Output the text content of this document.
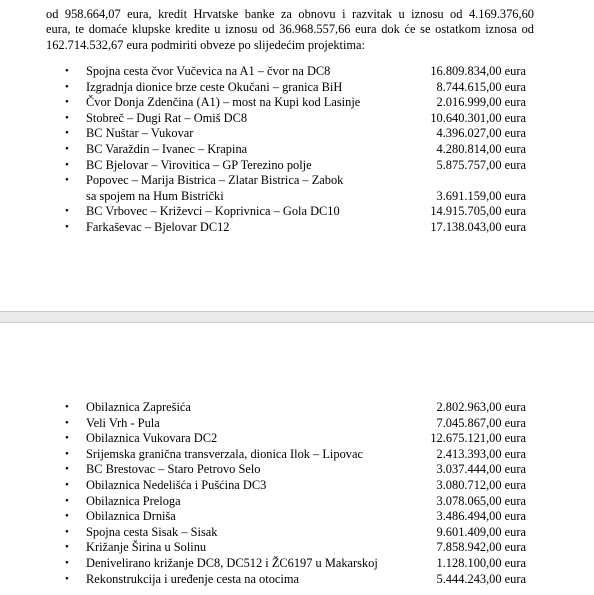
od 958.664,07 eura, kredit Hrvatske banke za obnovu i razvitak u iznosu od 4.169.376,60
eura, te domaće klupske kredite u iznosu od 36.968.557,66 eura dok će se ostatkom iznosa od
162.714.532,67 eura podmiriti obveze po slijedećim projektima:
• Spojna cesta čvor Vučevica na A1 – čvor na DC8	16.809.834,00 eura
• Izgradnja dionice brze ceste Okučani – granica BiH	8.744.615,00 eura
• Čvor Donja Zdenčina (A1) – most na Kupi kod Lasinje	2.016.999,00 eura
• Stobreč – Dugi Rat – Omiš DC8	10.640.301,00 eura
• BC Nuštar – Vukovar	4.396.027,00 eura
• BC Varaždin – Ivanec – Krapina	4.280.814,00 eura
• BC Bjelovar – Virovitica – GP Terezino polje	5.875.757,00 eura
• Popovec – Marija Bistrica – Zlatar Bistrica – Zabok
sa spojem na Hum Bistrički	3.691.159,00 eura
• BC Vrbovec – Križevci – Koprivnica – Gola DC10	14.915.705,00 eura
• Farkaševac – Bjelovar DC12	17.138.043,00 eura
• Obilaznica Zaprešića	2.802.963,00 eura
• Veli Vrh - Pula	7.045.867,00 eura
• Obilaznica Vukovara DC2	12.675.121,00 eura
• Srijemska granična transverzala, dionica Ilok – Lipovac	2.413.393,00 eura
• BC Brestovac – Staro Petrovo Selo	3.037.444,00 eura
• Obilaznica Nedelišća i Pušćina DC3	3.080.712,00 eura
• Obilaznica Preloga	3.078.065,00 eura
• Obilaznica Drniša	3.486.494,00 eura
• Spojna cesta Sisak – Sisak	9.601.409,00 eura
• Križanje Širina u Solinu	7.858.942,00 eura
• Denivelirano križanje DC8, DC512 i ŽC6197 u Makarskoj	1.128.100,00 eura
• Rekonstrukcija i uređenje cesta na otocima	5.444.243,00 eura
